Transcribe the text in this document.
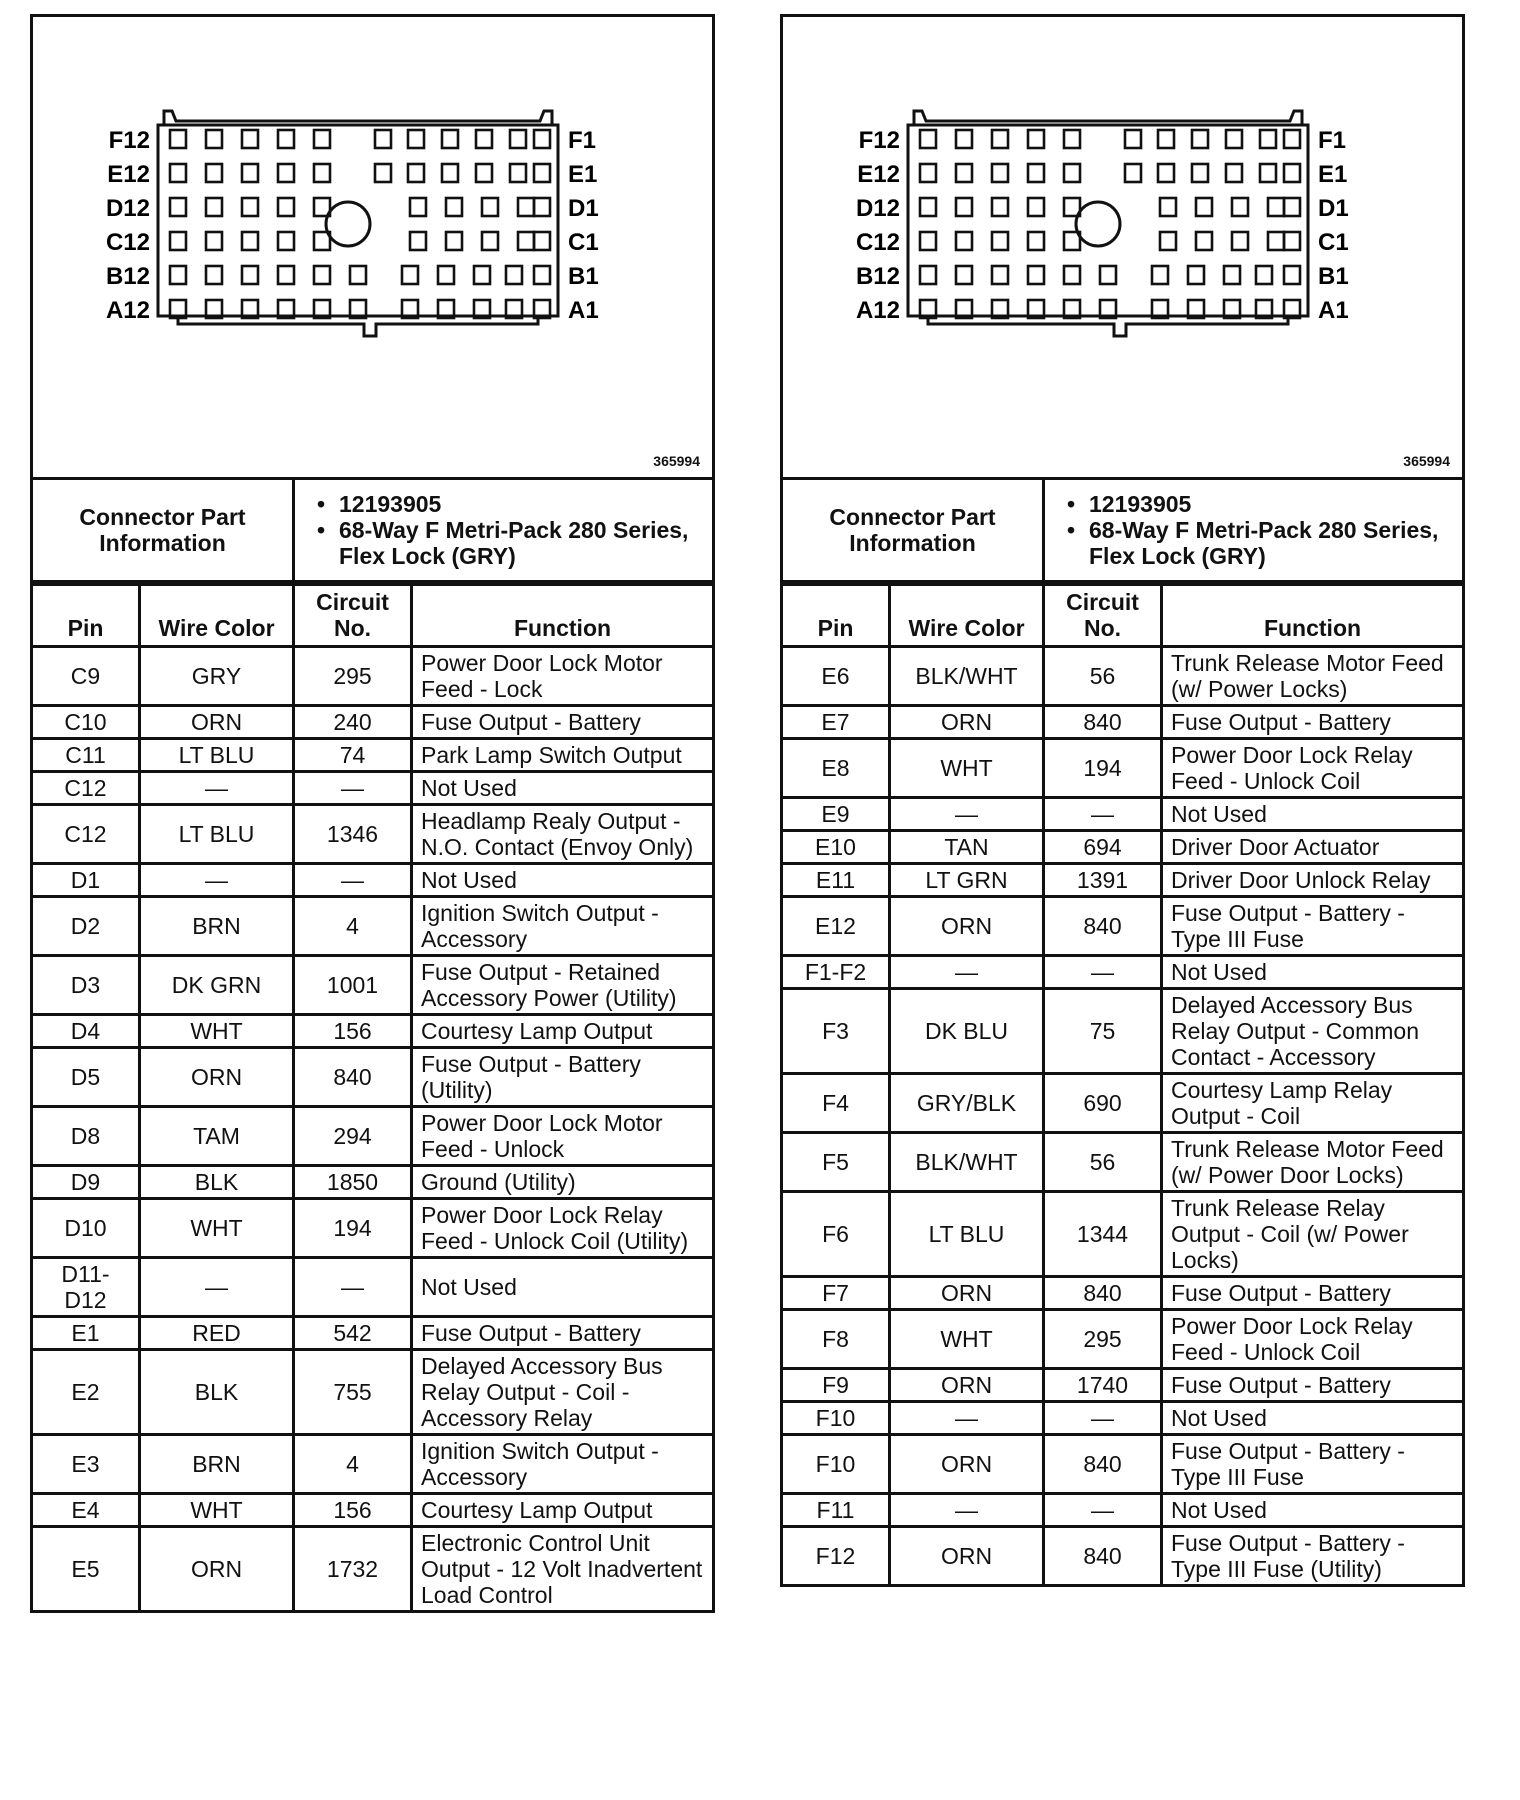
F12
E12
D12
C12
B12
A12
F1
E1
D1
C1
B1
A1
365994
Connector Part Information	
• 12193905
• 68-Way F Metri-Pack 280 Series, Flex Lock (GRY)
Pin	Wire Color	Circuit No.	Function
C9	GRY	295	Power Door Lock Motor Feed - Lock
C10	ORN	240	Fuse Output - Battery
C11	LT BLU	74	Park Lamp Switch Output
C12	—	—	Not Used
C12	LT BLU	1346	Headlamp Realy Output - N.O. Contact (Envoy Only)
D1	—	—	Not Used
D2	BRN	4	Ignition Switch Output - Accessory
D3	DK GRN	1001	Fuse Output - Retained Accessory Power (Utility)
D4	WHT	156	Courtesy Lamp Output
D5	ORN	840	Fuse Output - Battery (Utility)
D8	TAM	294	Power Door Lock Motor Feed - Unlock
D9	BLK	1850	Ground (Utility)
D10	WHT	194	Power Door Lock Relay Feed - Unlock Coil (Utility)
D11-D12	—	—	Not Used
E1	RED	542	Fuse Output - Battery
E2	BLK	755	Delayed Accessory Bus Relay Output - Coil - Accessory Relay
E3	BRN	4	Ignition Switch Output - Accessory
E4	WHT	156	Courtesy Lamp Output
E5	ORN	1732	Electronic Control Unit Output - 12 Volt Inadvertent Load Control
F12
E12
D12
C12
B12
A12
F1
E1
D1
C1
B1
A1
365994
Connector Part Information	
• 12193905
• 68-Way F Metri-Pack 280 Series, Flex Lock (GRY)
Pin	Wire Color	Circuit No.	Function
E6	BLK/WHT	56	Trunk Release Motor Feed (w/ Power Locks)
E7	ORN	840	Fuse Output - Battery
E8	WHT	194	Power Door Lock Relay Feed - Unlock Coil
E9	—	—	Not Used
E10	TAN	694	Driver Door Actuator
E11	LT GRN	1391	Driver Door Unlock Relay
E12	ORN	840	Fuse Output - Battery - Type III Fuse
F1-F2	—	—	Not Used
F3	DK BLU	75	Delayed Accessory Bus Relay Output - Common Contact - Accessory
F4	GRY/BLK	690	Courtesy Lamp Relay Output - Coil
F5	BLK/WHT	56	Trunk Release Motor Feed (w/ Power Door Locks)
F6	LT BLU	1344	Trunk Release Relay Output - Coil (w/ Power Locks)
F7	ORN	840	Fuse Output - Battery
F8	WHT	295	Power Door Lock Relay Feed - Unlock Coil
F9	ORN	1740	Fuse Output - Battery
F10	—	—	Not Used
F10	ORN	840	Fuse Output - Battery - Type III Fuse
F11	—	—	Not Used
F12	ORN	840	Fuse Output - Battery - Type III Fuse (Utility)
